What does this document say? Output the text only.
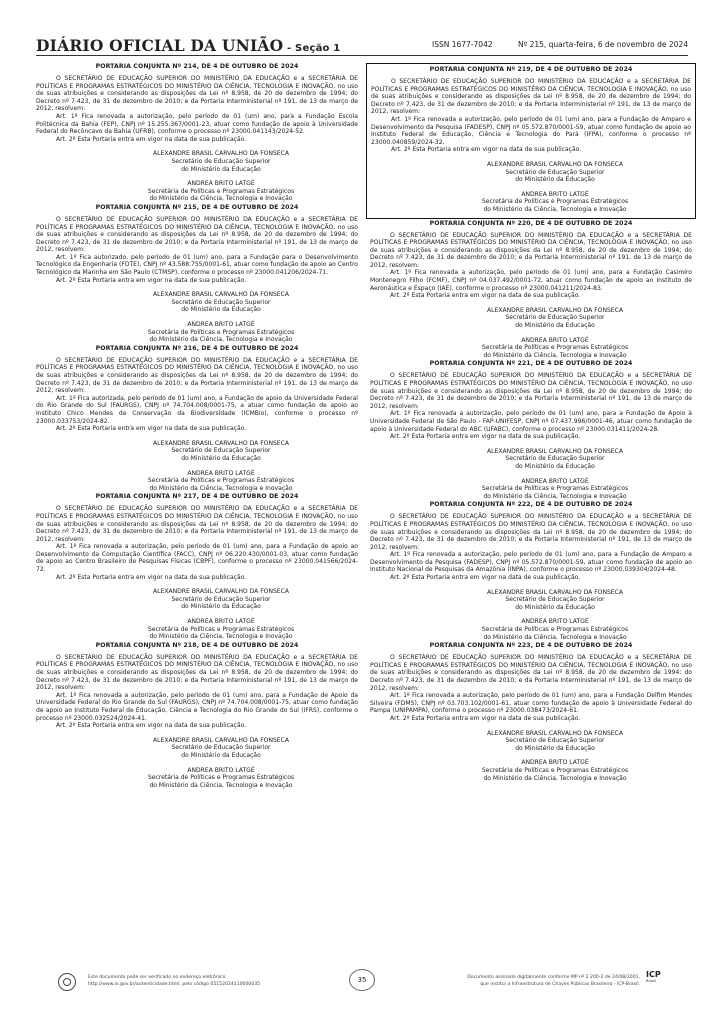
DIÁRIO OFICIAL DA UNIÃO - Seção 1	ISSN 1677-7042	Nº 215, quarta-feira, 6 de novembro de 2024
PORTARIA CONJUNTA Nº 214, DE 4 DE OUTUBRO DE 2024

O SECRETÁRIO DE EDUCAÇÃO SUPERIOR DO MINISTÉRIO DA EDUCAÇÃO e a SECRETÁRIA DE POLÍTICAS E PROGRAMAS ESTRATÉGICOS DO MINISTÉRIO DA CIÊNCIA, TECNOLOGIA E INOVAÇÃO, no uso de suas atribuições e considerando as disposições da Lei nº 8.958, de 20 de dezembro de 1994; do Decreto nº 7.423, de 31 de dezembro de 2010; e da Portaria Interministerial nº 191, de 13 de março de 2012, resolvem:

Art. 1º Fica renovada a autorização, pelo período de 01 (um) ano, para a Fundação Escola Politécnica da Bahia (FEP), CNPJ nº 15.255.367/0001-23, atuar como fundação de apoio à Universidade Federal do Recôncavo da Bahia (UFRB), conforme o processo nº 23000.041143/2024-52.

Art. 2º Esta Portaria entra em vigor na data de sua publicação.

ALEXANDRE BRASIL CARVALHO DA FONSECA
Secretário de Educação Superior
do Ministério da Educação
ANDREA BRITO LATGÉ
Secretária de Políticas e Programas Estratégicos
do Ministério da Ciência, Tecnologia e Inovação
PORTARIA CONJUNTA Nº 215, DE 4 DE OUTUBRO DE 2024

O SECRETÁRIO DE EDUCAÇÃO SUPERIOR DO MINISTÉRIO DA EDUCAÇÃO e a SECRETÁRIA DE POLÍTICAS E PROGRAMAS ESTRATÉGICOS DO MINISTÉRIO DA CIÊNCIA, TECNOLOGIA E INOVAÇÃO, no uso de suas atribuições e considerando as disposições da Lei nº 8.958, de 20 de dezembro de 1994; do Decreto nº 7.423, de 31 de dezembro de 2010; e da Portaria Interministerial nº 191, de 13 de março de 2012, resolvem:

Art. 1º Fica autorizado, pelo período de 01 (um) ano, para a Fundação para o Desenvolvimento Tecnológico da Engenharia (FDTE), CNPJ nº 43.588.755/0001-61, atuar como fundação de apoio ao Centro Tecnológico da Marinha em São Paulo (CTMSP), conforme o processo nº 23000.041206/2024-71.

Art. 2º Esta Portaria entra em vigor na data de sua publicação.

ALEXANDRE BRASIL CARVALHO DA FONSECA
Secretário de Educação Superior
do Ministério da Educação
ANDREA BRITO LATGÉ
Secretária de Políticas e Programas Estratégicos
do Ministério da Ciência, Tecnologia e Inovação
PORTARIA CONJUNTA Nº 216, DE 4 DE OUTUBRO DE 2024

O SECRETÁRIO DE EDUCAÇÃO SUPERIOR DO MINISTÉRIO DA EDUCAÇÃO e a SECRETÁRIA DE POLÍTICAS E PROGRAMAS ESTRATÉGICOS DO MINISTÉRIO DA CIÊNCIA, TECNOLOGIA E INOVAÇÃO, no uso de suas atribuições e considerando as disposições da Lei nº 8.958, de 20 de dezembro de 1994; do Decreto nº 7.423, de 31 de dezembro de 2010; e da Portaria Interministerial nº 191, de 13 de março de 2012, resolvem:

Art. 1º Fica autorizada, pelo período de 01 (um) ano, a Fundação de apoio da Universidade Federal do Rio Grande do Sul (FAURGS), CNPJ nº 74.704.008/0001-75, a atuar como fundação de apoio ao Instituto Chico Mendes de Conservação da Biodiversidade (ICMBio), conforme o processo nº 23000.033753/2024-82.

Art. 2º Esta Portaria entra em vigor na data de sua publicação.

ALEXANDRE BRASIL CARVALHO DA FONSECA
Secretário de Educação Superior
do Ministério da Educação
ANDREA BRITO LATGÉ
Secretária de Políticas e Programas Estratégicos
do Ministério da Ciência, Tecnologia e Inovação
PORTARIA CONJUNTA Nº 217, DE 4 DE OUTUBRO DE 2024

O SECRETÁRIO DE EDUCAÇÃO SUPERIOR DO MINISTÉRIO DA EDUCAÇÃO e a SECRETÁRIA DE POLÍTICAS E PROGRAMAS ESTRATÉGICOS DO MINISTÉRIO DA CIÊNCIA, TECNOLOGIA E INOVAÇÃO, no uso de suas atribuições e considerando as disposições da Lei nº 8.958, de 20 de dezembro de 1994; do Decreto nº 7.423, de 31 de dezembro de 2010; e da Portaria Interministerial nº 191, de 13 de março de 2012, resolvem:

Art. 1º Fica renovada a autorização, pelo período de 01 (um) ano, para a Fundação de apoio ao Desenvolvimento da Computação Científica (FACC), CNPJ nº 06.220.430/0001-03, atuar como fundação de apoio ao Centro Brasileiro de Pesquisas Físicas (CBPF), conforme o processo nº 23000.041566/2024-72.

Art. 2º Esta Portaria entra em vigor na data de sua publicação.

ALEXANDRE BRASIL CARVALHO DA FONSECA
Secretário de Educação Superior
do Ministério da Educação
ANDREA BRITO LATGÉ
Secretária de Políticas e Programas Estratégicos
do Ministério da Ciência, Tecnologia e Inovação
PORTARIA CONJUNTA Nº 218, DE 4 DE OUTUBRO DE 2024

O SECRETÁRIO DE EDUCAÇÃO SUPERIOR DO MINISTÉRIO DA EDUCAÇÃO e a SECRETÁRIA DE POLÍTICAS E PROGRAMAS ESTRATÉGICOS DO MINISTÉRIO DA CIÊNCIA, TECNOLOGIA E INOVAÇÃO, no uso de suas atribuições e considerando as disposições da Lei nº 8.958, de 20 de dezembro de 1994; do Decreto nº 7.423, de 31 de dezembro de 2010; e da Portaria Interministerial nº 191, de 13 de março de 2012, resolvem:

Art. 1º Fica renovada a autorização, pelo período de 01 (um) ano, para a Fundação de Apoio da Universidade Federal do Rio Grande do Sul (FAURGS), CNPJ nº 74.704.008/0001-75, atuar como fundação de apoio ao Instituto Federal de Educação, Ciência e Tecnologia do Rio Grande do Sul (IFRS), conforme o processo nº 23000.032524/2024-41.

Art. 2º Esta Portaria entra em vigor na data de sua publicação.

ALEXANDRE BRASIL CARVALHO DA FONSECA
Secretário de Educação Superior
do Ministério da Educação
ANDREA BRITO LATGÉ
Secretária de Políticas e Programas Estratégicos
do Ministério da Ciência, Tecnologia e Inovação
PORTARIA CONJUNTA Nº 219, DE 4 DE OUTUBRO DE 2024

O SECRETÁRIO DE EDUCAÇÃO SUPERIOR DO MINISTÉRIO DA EDUCAÇÃO e a SECRETÁRIA DE POLÍTICAS E PROGRAMAS ESTRATÉGICOS DO MINISTÉRIO DA CIÊNCIA, TECNOLOGIA E INOVAÇÃO, no uso de suas atribuições e considerando as disposições da Lei nº 8.958, de 20 de dezembro de 1994; do Decreto nº 7.423, de 31 de dezembro de 2010; e da Portaria Interministerial nº 191, de 13 de março de 2012, resolvem:

Art. 1º Fica renovada a autorização, pelo período de 01 (um) ano, para a Fundação de Amparo e Desenvolvimento da Pesquisa (FADESP), CNPJ nº 05.572.870/0001-59, atuar como fundação de apoio ao Instituto Federal de Educação, Ciência e Tecnologia do Pará (IFPA), conforme o processo nº 23000.040859/2024-32.

Art. 2º Esta Portaria entra em vigor na data de sua publicação.

ALEXANDRE BRASIL CARVALHO DA FONSECA
Secretário de Educação Superior
do Ministério da Educação
ANDREA BRITO LATGÉ
Secretária de Políticas e Programas Estratégicos
do Ministério da Ciência, Tecnologia e Inovação
PORTARIA CONJUNTA Nº 220, DE 4 DE OUTUBRO DE 2024

O SECRETÁRIO DE EDUCAÇÃO SUPERIOR DO MINISTÉRIO DA EDUCAÇÃO e a SECRETÁRIA DE POLÍTICAS E PROGRAMAS ESTRATÉGICOS DO MINISTÉRIO DA CIÊNCIA, TECNOLOGIA E INOVAÇÃO, no uso de suas atribuições e considerando as disposições da Lei nº 8.958, de 20 de dezembro de 1994; do Decreto nº 7.423, de 31 de dezembro de 2010; e da Portaria Interministerial nº 191, de 13 de março de 2012, resolvem:

Art. 1º Fica renovada a autorização, pelo período de 01 (um) ano, para a Fundação Casimiro Montenegro Filho (FCMF), CNPJ nº 04.037.492/0001-72, atuar como fundação de apoio ao Instituto de Aeronáutica e Espaço (IAE), conforme o processo nº 23000.041211/2024-83.

Art. 2º Esta Portaria entra em vigor na data de sua publicação.

ALEXANDRE BRASIL CARVALHO DA FONSECA
Secretário de Educação Superior
do Ministério da Educação
ANDREA BRITO LATGÉ
Secretária de Políticas e Programas Estratégicos
do Ministério da Ciência, Tecnologia e Inovação
PORTARIA CONJUNTA Nº 221, DE 4 DE OUTUBRO DE 2024

O SECRETÁRIO DE EDUCAÇÃO SUPERIOR DO MINISTÉRIO DA EDUCAÇÃO e a SECRETÁRIA DE POLÍTICAS E PROGRAMAS ESTRATÉGICOS DO MINISTÉRIO DA CIÊNCIA, TECNOLOGIA E INOVAÇÃO, no uso de suas atribuições e considerando as disposições da Lei nº 8.958, de 20 de dezembro de 1994; do Decreto nº 7.423, de 31 de dezembro de 2010; e da Portaria Interministerial nº 191, de 13 de março de 2012, resolvem:

Art. 1º Fica renovada a autorização, pelo período de 01 (um) ano, para a Fundação de Apoio à Universidade Federal de São Paulo - FAP-UNIFESP, CNPJ nº 07.437.996/0001-46, atuar como fundação de apoio à Universidade Federal do ABC (UFABC), conforme o processo nº 23000.031411/2024-28.

Art. 2º Esta Portaria entra em vigor na data de sua publicação.

ALEXANDRE BRASIL CARVALHO DA FONSECA
Secretário de Educação Superior
do Ministério da Educação
ANDREA BRITO LATGÉ
Secretária de Políticas e Programas Estratégicos
do Ministério da Ciência, Tecnologia e Inovação
PORTARIA CONJUNTA Nº 222, DE 4 DE OUTUBRO DE 2024

O SECRETÁRIO DE EDUCAÇÃO SUPERIOR DO MINISTÉRIO DA EDUCAÇÃO e a SECRETÁRIA DE POLÍTICAS E PROGRAMAS ESTRATÉGICOS DO MINISTÉRIO DA CIÊNCIA, TECNOLOGIA E INOVAÇÃO, no uso de suas atribuições e considerando as disposições da Lei nº 8.958, de 20 de dezembro de 1994; do Decreto nº 7.423, de 31 de dezembro de 2010; e da Portaria Interministerial nº 191, de 13 de março de 2012, resolvem:

Art. 1º Fica renovada a autorização, pelo período de 01 (um) ano, para a Fundação de Amparo e Desenvolvimento da Pesquisa (FADESP), CNPJ nº 05.572.870/0001-59, atuar como fundação de apoio ao Instituto Nacional de Pesquisas da Amazônia (INPA), conforme o processo nº 23000.039304/2024-48.

Art. 2º Esta Portaria entra em vigor na data de sua publicação.

ALEXANDRE BRASIL CARVALHO DA FONSECA
Secretário de Educação Superior
do Ministério da Educação
ANDREA BRITO LATGÉ
Secretária de Políticas e Programas Estratégicos
do Ministério da Ciência, Tecnologia e Inovação
PORTARIA CONJUNTA Nº 223, DE 4 DE OUTUBRO DE 2024

O SECRETÁRIO DE EDUCAÇÃO SUPERIOR DO MINISTÉRIO DA EDUCAÇÃO e a SECRETÁRIA DE POLÍTICAS E PROGRAMAS ESTRATÉGICOS DO MINISTÉRIO DA CIÊNCIA, TECNOLOGIA E INOVAÇÃO, no uso de suas atribuições e considerando as disposições da Lei nº 8.958, de 20 de dezembro de 1994; do Decreto nº 7.423, de 31 de dezembro de 2010; e da Portaria Interministerial nº 191, de 13 de março de 2012, resolvem:

Art. 1º Fica renovada a autorização, pelo período de 01 (um) ano, para a Fundação Delfim Mendes Silveira (FDMS), CNPJ nº 03.703.102/0001-61, atuar como fundação de apoio à Universidade Federal do Pampa (UNIPAMPA), conforme o processo nº 23000.038473/2024-61.

Art. 2º Esta Portaria entra em vigor na data de sua publicação.

ALEXANDRE BRASIL CARVALHO DA FONSECA
Secretário de Educação Superior
do Ministério da Educação
ANDREA BRITO LATGÉ
Secretária de Políticas e Programas Estratégicos
do Ministério da Ciência, Tecnologia e Inovação
Este documento pode ser verificado no endereço eletrônico
http://www.in.gov.br/autenticidade.html, pelo código 05152024110600035
35	Documento assinado digitalmente conforme MP nº 2.200-2 de 24/08/2001,
que institui a Infraestrutura de Chaves Públicas Brasileira - ICP-Brasil.
ICP
Brasil
